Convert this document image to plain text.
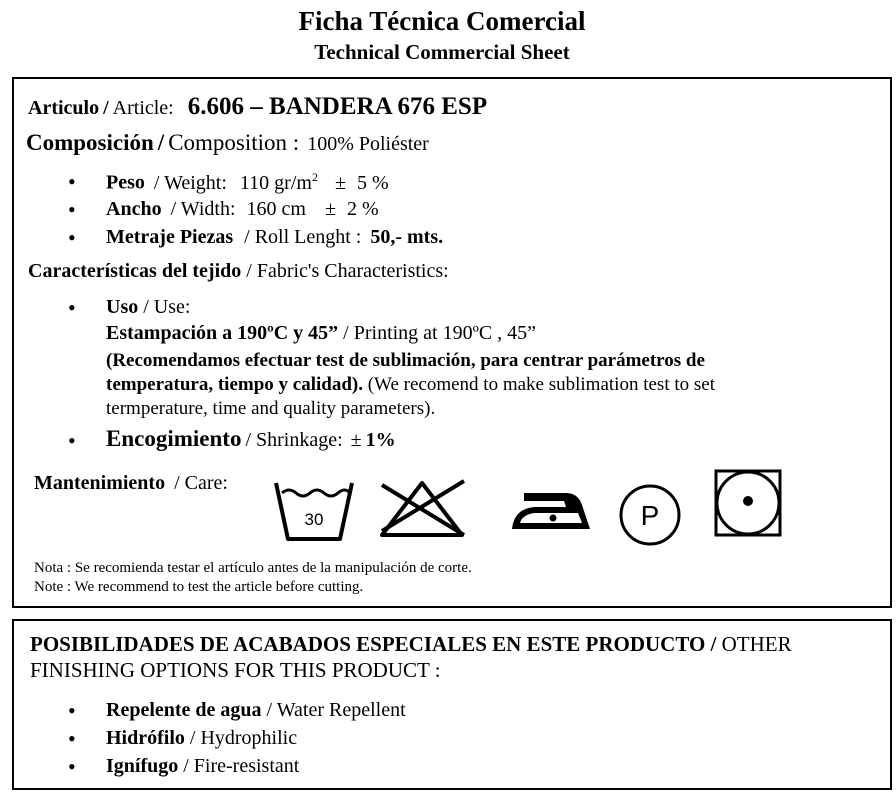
Ficha Técnica Comercial
Technical Commercial Sheet
Articulo / Article: 6.606 – BANDERA 676 ESP
Composición / Composition : 100% Poliéster
• Peso / Weight: 110 $gr/m^2 \pm 5$ %
• Ancho / Width: 160 cm ± 2 %
• Metraje Piezas / Roll Lenght : 50,- mts.
Características del tejido / Fabric's Characteristics:
• Uso / Use:
Estampación a 190ºC y 45” / Printing at 190ºC , 45”
(Recomendamos efectuar test de sublimación, para centrar parámetros de temperatura, tiempo y calidad). (We recomend to make sublimation test to set termperature, time and quality parameters).
• Encogimiento / Shrinkage: ± 1%
Mantenimiento / Care:
30	P
Nota : Se recomienda testar el artículo antes de la manipulación de corte.
Note : We recommend to test the article before cutting.
POSIBILIDADES DE ACABADOS ESPECIALES EN ESTE PRODUCTO / OTHER
FINISHING OPTIONS FOR THIS PRODUCT :
• Repelente de agua / Water Repellent
• Hidrófilo / Hydrophilic
• Ignífugo / Fire-resistant
